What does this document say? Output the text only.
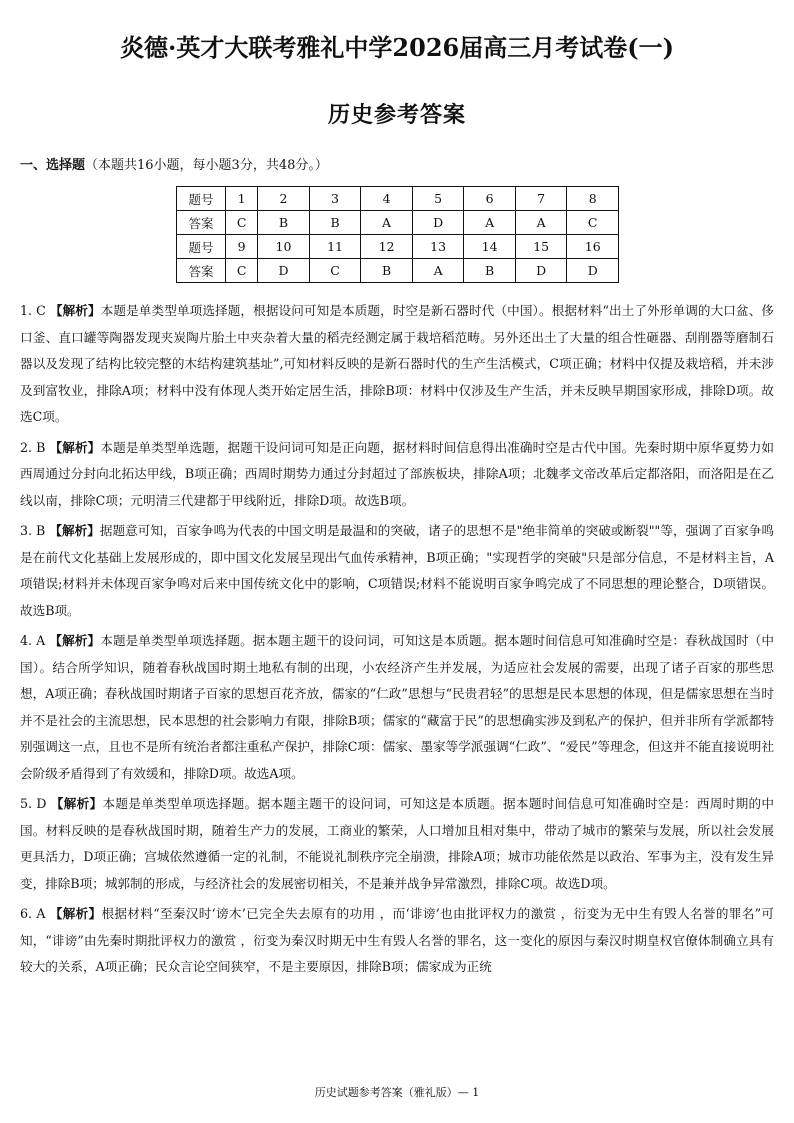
炎德·英才大联考雅礼中学2026届高三月考试卷(一)
历史参考答案
一、选择题（本题共16小题，每小题3分，共48分。）
题号	1	2	3	4	5	6	7	8
答案	C	B	B	A	D	A	A	C
题号	9	10	11	12	13	14	15	16
答案	C	D	C	B	A	B	D	D
1. C 【解析】本题是单类型单项选择题，根据设问可知是本质题，时空是新石器时代（中国）。根据材料“出土了外形单调的大口盆、侈口釜、直口罐等陶器发现夹炭陶片胎土中夹杂着大量的稻壳经测定属于栽培稻范畴。另外还出土了大量的组合性砸器、刮削器等磨制石器以及发现了结构比较完整的木结构建筑基址”,可知材料反映的是新石器时代的生产生活模式，C项正确；材料中仅提及栽培稻，并未涉及到富牧业，排除A项；材料中没有体现人类开始定居生活，排除B项：材料中仅涉及生产生活，并未反映早期国家形成，排除D项。故选C项。
2. B 【解析】本题是单类型单选题，据题干设问词可知是正向题，据材料时间信息得出准确时空是古代中国。先秦时期中原华夏势力如西周通过分封向北拓达甲线，B项正确；西周时期势力通过分封超过了部族板块，排除A项；北魏孝文帝改革后定都洛阳，而洛阳是在乙线以南，排除C项；元明清三代建都于甲线附近，排除D项。故选B项。
3. B 【解析】据题意可知，百家争鸣为代表的中国文明是最温和的突破，诸子的思想不是"绝非简单的突破或断裂""等，强调了百家争鸣是在前代文化基础上发展形成的，即中国文化发展呈现出气血传承精神，B项正确；"实现哲学的突破"只是部分信息，不是材料主旨，A项错误;材料并未体现百家争鸣对后来中国传统文化中的影响，C项错误;材料不能说明百家争鸣完成了不同思想的理论整合，D项错误。故选B项。
4. A 【解析】本题是单类型单项选择题。据本题主题干的设问词，可知这是本质题。据本题时间信息可知准确时空是：春秋战国时（中国）。结合所学知识，随着春秋战国时期土地私有制的出现，小农经济产生并发展，为适应社会发展的需要，出现了诸子百家的那些思想，A项正确；春秋战国时期诸子百家的思想百花齐放，儒家的“仁政”思想与“民贵君轻”的思想是民本思想的体现，但是儒家思想在当时并不是社会的主流思想，民本思想的社会影响力有限，排除B项；儒家的“藏富于民”的思想确实涉及到私产的保护，但并非所有学派都特别强调这一点，且也不是所有统治者都注重私产保护，排除C项：儒家、墨家等学派强调“仁政”、“爱民”等理念，但这并不能直接说明社会阶级矛盾得到了有效缓和，排除D项。故选A项。
5. D 【解析】本题是单类型单项选择题。据本题主题干的设问词，可知这是本质题。据本题时间信息可知准确时空是：西周时期的中国。材料反映的是春秋战国时期，随着生产力的发展，工商业的繁荣，人口增加且相对集中，带动了城市的繁荣与发展，所以社会发展更具活力，D项正确；宫城依然遵循一定的礼制，不能说礼制秩序完全崩溃，排除A项；城市功能依然是以政治、军事为主，没有发生异变，排除B项；城郭制的形成，与经济社会的发展密切相关，不是兼并战争异常激烈，排除C项。故选D项。
6. A 【解析】根据材料“至秦汉时‘谤木’已完全失去原有的功用 ，而‘诽谤’也由批评权力的激赏 ，衍变为无中生有毁人名誉的罪名”可知，“诽谤”由先秦时期批评权力的激赏 ，衍变为秦汉时期无中生有毁人名誉的罪名，这一变化的原因与秦汉时期皇权官僚体制确立具有较大的关系，A项正确；民众言论空间狭窄，不是主要原因，排除B项；儒家成为正统
历史试题参考答案（雅礼版）— 1
